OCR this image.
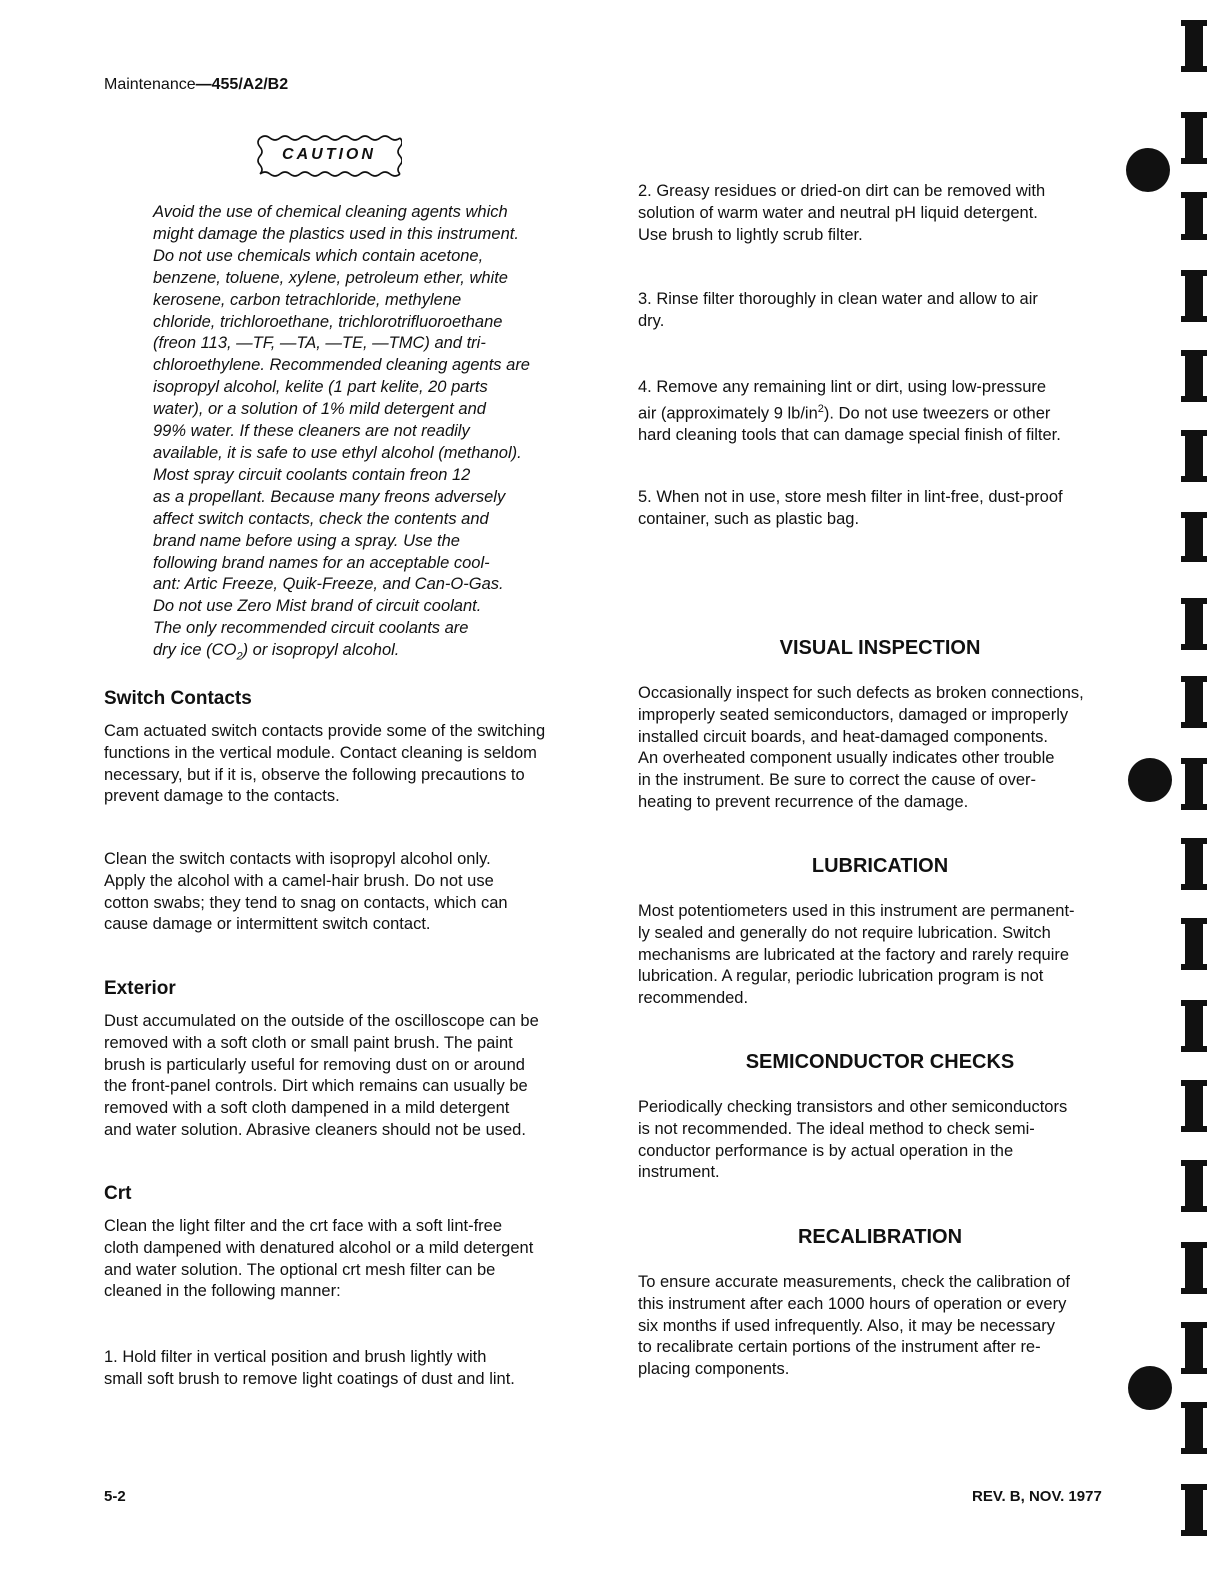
Maintenance—455/A2/B2
CAUTION
Avoid the use of chemical cleaning agents which
might damage the plastics used in this instrument.
Do not use chemicals which contain acetone,
benzene, toluene, xylene, petroleum ether, white
kerosene, carbon tetrachloride, methylene
chloride, trichloroethane, trichlorotrifluoroethane
(freon 113, —TF, —TA, —TE, —TMC) and tri-
chloroethylene. Recommended cleaning agents are
isopropyl alcohol, kelite (1 part kelite, 20 parts
water), or a solution of 1% mild detergent and
99% water. If these cleaners are not readily
available, it is safe to use ethyl alcohol (methanol).
Most spray circuit coolants contain freon 12
as a propellant. Because many freons adversely
affect switch contacts, check the contents and
brand name before using a spray. Use the
following brand names for an acceptable cool-
ant: Artic Freeze, Quik-Freeze, and Can-O-Gas.
Do not use Zero Mist brand of circuit coolant.
The only recommended circuit coolants are
dry ice $(CO_2)$ or isopropyl alcohol.
Switch Contacts
Cam actuated switch contacts provide some of the switching
functions in the vertical module. Contact cleaning is seldom
necessary, but if it is, observe the following precautions to
prevent damage to the contacts.
Clean the switch contacts with isopropyl alcohol only.
Apply the alcohol with a camel-hair brush. Do not use
cotton swabs; they tend to snag on contacts, which can
cause damage or intermittent switch contact.
Exterior
Dust accumulated on the outside of the oscilloscope can be
removed with a soft cloth or small paint brush. The paint
brush is particularly useful for removing dust on or around
the front-panel controls. Dirt which remains can usually be
removed with a soft cloth dampened in a mild detergent
and water solution. Abrasive cleaners should not be used.
Crt
Clean the light filter and the crt face with a soft lint-free
cloth dampened with denatured alcohol or a mild detergent
and water solution. The optional crt mesh filter can be
cleaned in the following manner:
1. Hold filter in vertical position and brush lightly with
small soft brush to remove light coatings of dust and lint.
2. Greasy residues or dried-on dirt can be removed with
solution of warm water and neutral pH liquid detergent.
Use brush to lightly scrub filter.
3. Rinse filter thoroughly in clean water and allow to air
dry.
4. Remove any remaining lint or dirt, using low-pressure
air (approximately 9 $lb/in^2$). Do not use tweezers or other
hard cleaning tools that can damage special finish of filter.
5. When not in use, store mesh filter in lint-free, dust-proof
container, such as plastic bag.
VISUAL INSPECTION
Occasionally inspect for such defects as broken connections,
improperly seated semiconductors, damaged or improperly
installed circuit boards, and heat-damaged components.
An overheated component usually indicates other trouble
in the instrument. Be sure to correct the cause of over-
heating to prevent recurrence of the damage.
LUBRICATION
Most potentiometers used in this instrument are permanent-
ly sealed and generally do not require lubrication. Switch
mechanisms are lubricated at the factory and rarely require
lubrication. A regular, periodic lubrication program is not
recommended.
SEMICONDUCTOR CHECKS
Periodically checking transistors and other semiconductors
is not recommended. The ideal method to check semi-
conductor performance is by actual operation in the
instrument.
RECALIBRATION
To ensure accurate measurements, check the calibration of
this instrument after each 1000 hours of operation or every
six months if used infrequently. Also, it may be necessary
to recalibrate certain portions of the instrument after re-
placing components.
5-2	REV. B, NOV. 1977
